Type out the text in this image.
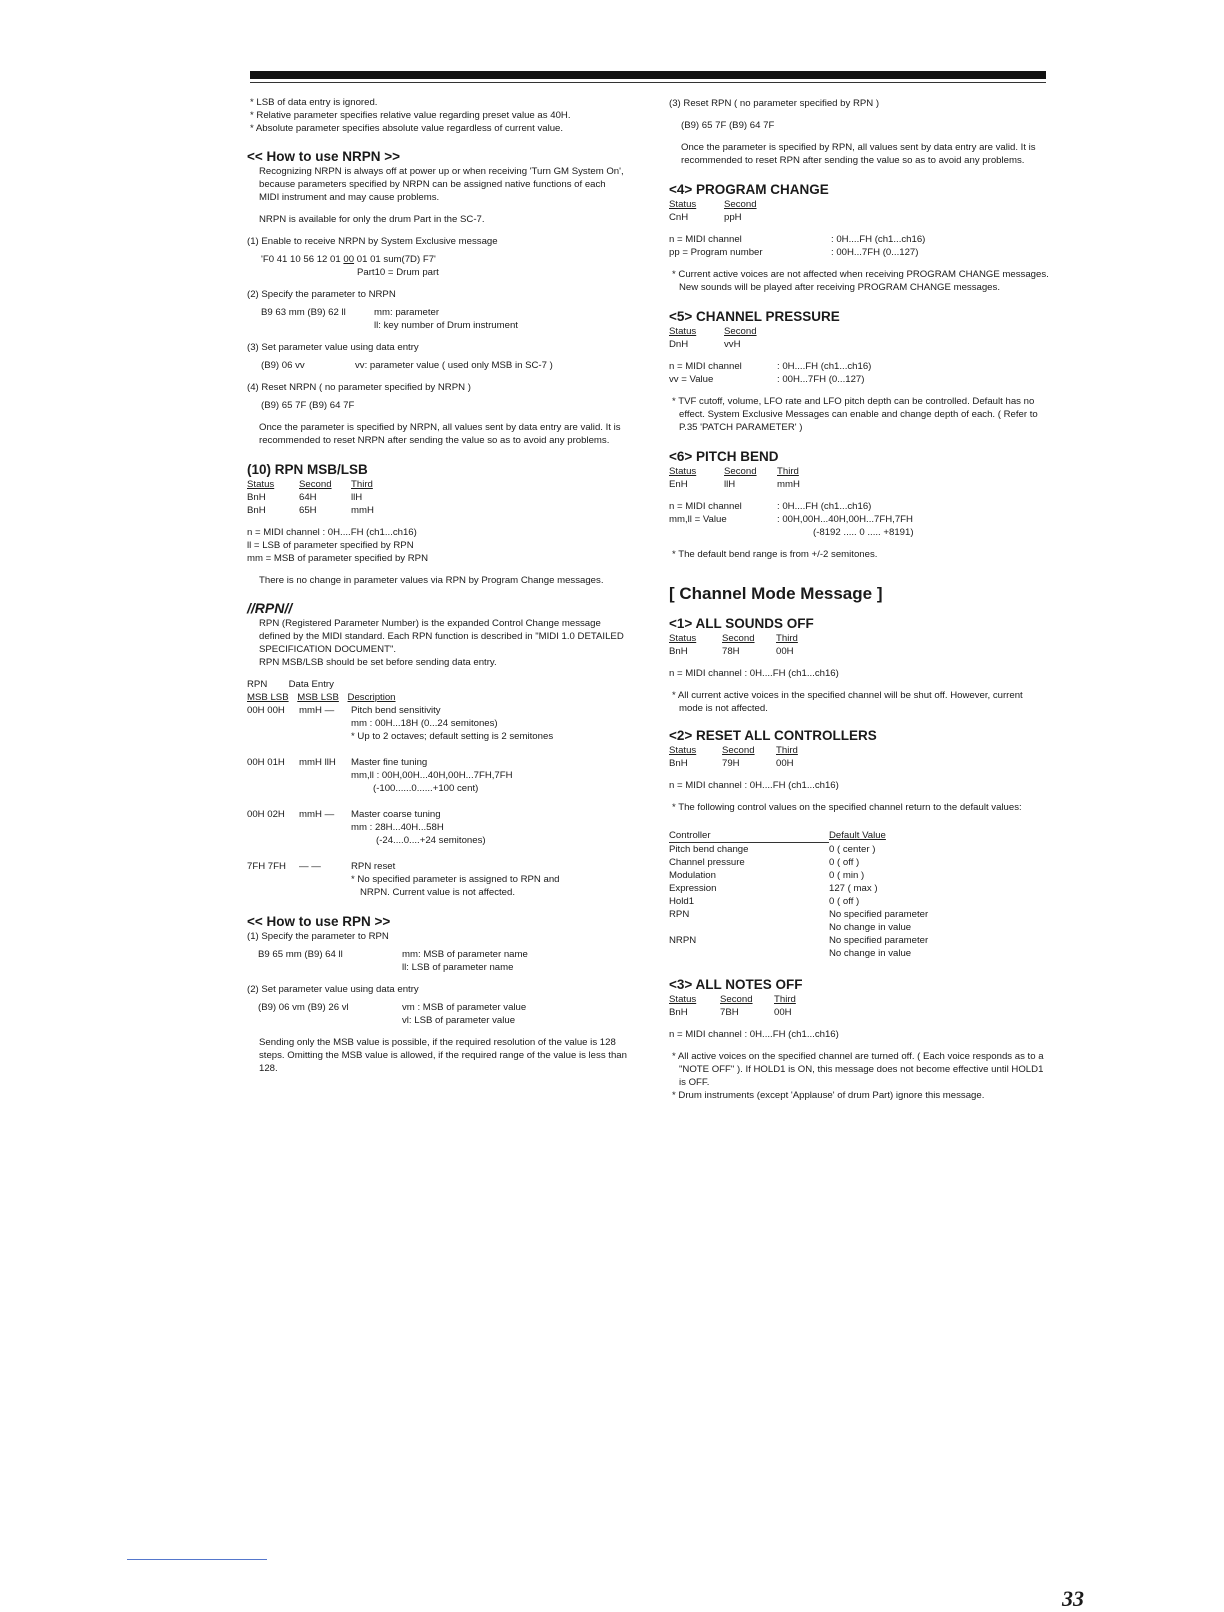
* LSB of data entry is ignored.
* Relative parameter specifies relative value regarding preset value as 40H.
* Absolute parameter specifies absolute value regardless of current value.
<< How to use NRPN >>
Recognizing NRPN is always off at power up or when receiving 'Turn GM System On', because parameters specified by NRPN can be assigned native functions of each MIDI instrument and may cause problems.
NRPN is available for only the drum Part in the SC-7.
(1) Enable to receive NRPN by System Exclusive message
'F0 41 10 56 12 01 00 01 01 sum(7D) F7'
Part10 = Drum part
(2) Specify the parameter to NRPN
B9 63 mm (B9) 62 ll	mm: parameter
	ll: key number of Drum instrument
(3) Set parameter value using data entry
(B9) 06 vv	vv: parameter value ( used only MSB in SC-7 )
(4) Reset NRPN ( no parameter specified by NRPN )
(B9) 65 7F (B9) 64 7F
Once the parameter is specified by NRPN, all values sent by data entry are valid. It is recommended to reset NRPN after sending the value so as to avoid any problems.
(10) RPN MSB/LSB
Status	Second	Third
BnH	64H	llH
BnH	65H	mmH
n = MIDI channel : 0H....FH (ch1...ch16)
ll = LSB of parameter specified by RPN
mm = MSB of parameter specified by RPN
There is no change in parameter values via RPN by Program Change messages.
//RPN//
RPN (Registered Parameter Number) is the expanded Control Change message defined by the MIDI standard. Each RPN function is described in "MIDI 1.0 DETAILED SPECIFICATION DOCUMENT".
RPN MSB/LSB should be set before sending data entry.
RPN        Data Entry
MSB LSB MSB LSB Description
00H 00H	mmH —	Pitch bend sensitivity
mm : 00H...18H (0...24 semitones)
* Up to 2 octaves; default setting is 2 semitones

00H 01H	mmH llH	Master fine tuning
mm,ll : 00H,00H...40H,00H...7FH,7FH
(-100......0......+100 cent)

00H 02H	mmH —	Master coarse tuning
mm : 28H...40H...58H
(-24....0....+24 semitones)

7FH 7FH	— —	RPN reset
* No specified parameter is assigned to RPN and
NRPN. Current value is not affected.
<< How to use RPN >>
(1) Specify the parameter to RPN
B9 65 mm (B9) 64 ll	mm: MSB of parameter name
	ll: LSB of parameter name
(2) Set parameter value using data entry
(B9) 06 vm (B9) 26 vl	vm : MSB of parameter value
	vl: LSB of parameter value
Sending only the MSB value is possible, if the required resolution of the value is 128 steps. Omitting the MSB value is allowed, if the required range of the value is less than 128.
(3) Reset RPN ( no parameter specified by RPN )
(B9) 65 7F (B9) 64 7F
Once the parameter is specified by RPN, all values sent by data entry are valid. It is recommended to reset RPN after sending the value so as to avoid any problems.
<4> PROGRAM CHANGE
Status	Second
CnH	ppH
n = MIDI channel	: 0H....FH (ch1...ch16)
pp = Program number	: 00H...7FH (0...127)
* Current active voices are not affected when receiving PROGRAM CHANGE messages. New sounds will be played after receiving PROGRAM CHANGE messages.
<5> CHANNEL PRESSURE
Status	Second
DnH	vvH
n = MIDI channel	: 0H....FH (ch1...ch16)
vv = Value	: 00H...7FH (0...127)
* TVF cutoff, volume, LFO rate and LFO pitch depth can be controlled. Default has no effect. System Exclusive Messages can enable and change depth of each. ( Refer to P.35 'PATCH PARAMETER' )
<6> PITCH BEND
Status	Second	Third
EnH	llH	mmH
n = MIDI channel	: 0H....FH (ch1...ch16)
mm,ll = Value	: 00H,00H...40H,00H...7FH,7FH
	(-8192 ..... 0 ..... +8191)
* The default bend range is from +/-2 semitones.
[ Channel Mode Message ]
<1> ALL SOUNDS OFF
Status	Second	Third
BnH	78H	00H
n = MIDI channel : 0H....FH (ch1...ch16)
* All current active voices in the specified channel will be shut off. However, current mode is not affected.
<2> RESET ALL CONTROLLERS
Status	Second	Third
BnH	79H	00H
n = MIDI channel : 0H....FH (ch1...ch16)
* The following control values on the specified channel return to the default values:
Controller	Default Value
Pitch bend change	0 ( center )
Channel pressure	0 ( off )
Modulation	0 ( min )
Expression	127 ( max )
Hold1	0 ( off )
RPN	No specified parameter
	No change in value
NRPN	No specified parameter
	No change in value
<3> ALL NOTES OFF
Status	Second	Third
BnH	7BH	00H
n = MIDI channel : 0H....FH (ch1...ch16)
* All active voices on the specified channel are turned off. ( Each voice responds as to a "NOTE OFF" ). If HOLD1 is ON, this message does not become effective until HOLD1 is OFF.
* Drum instruments (except 'Applause' of drum Part) ignore this message.
33
